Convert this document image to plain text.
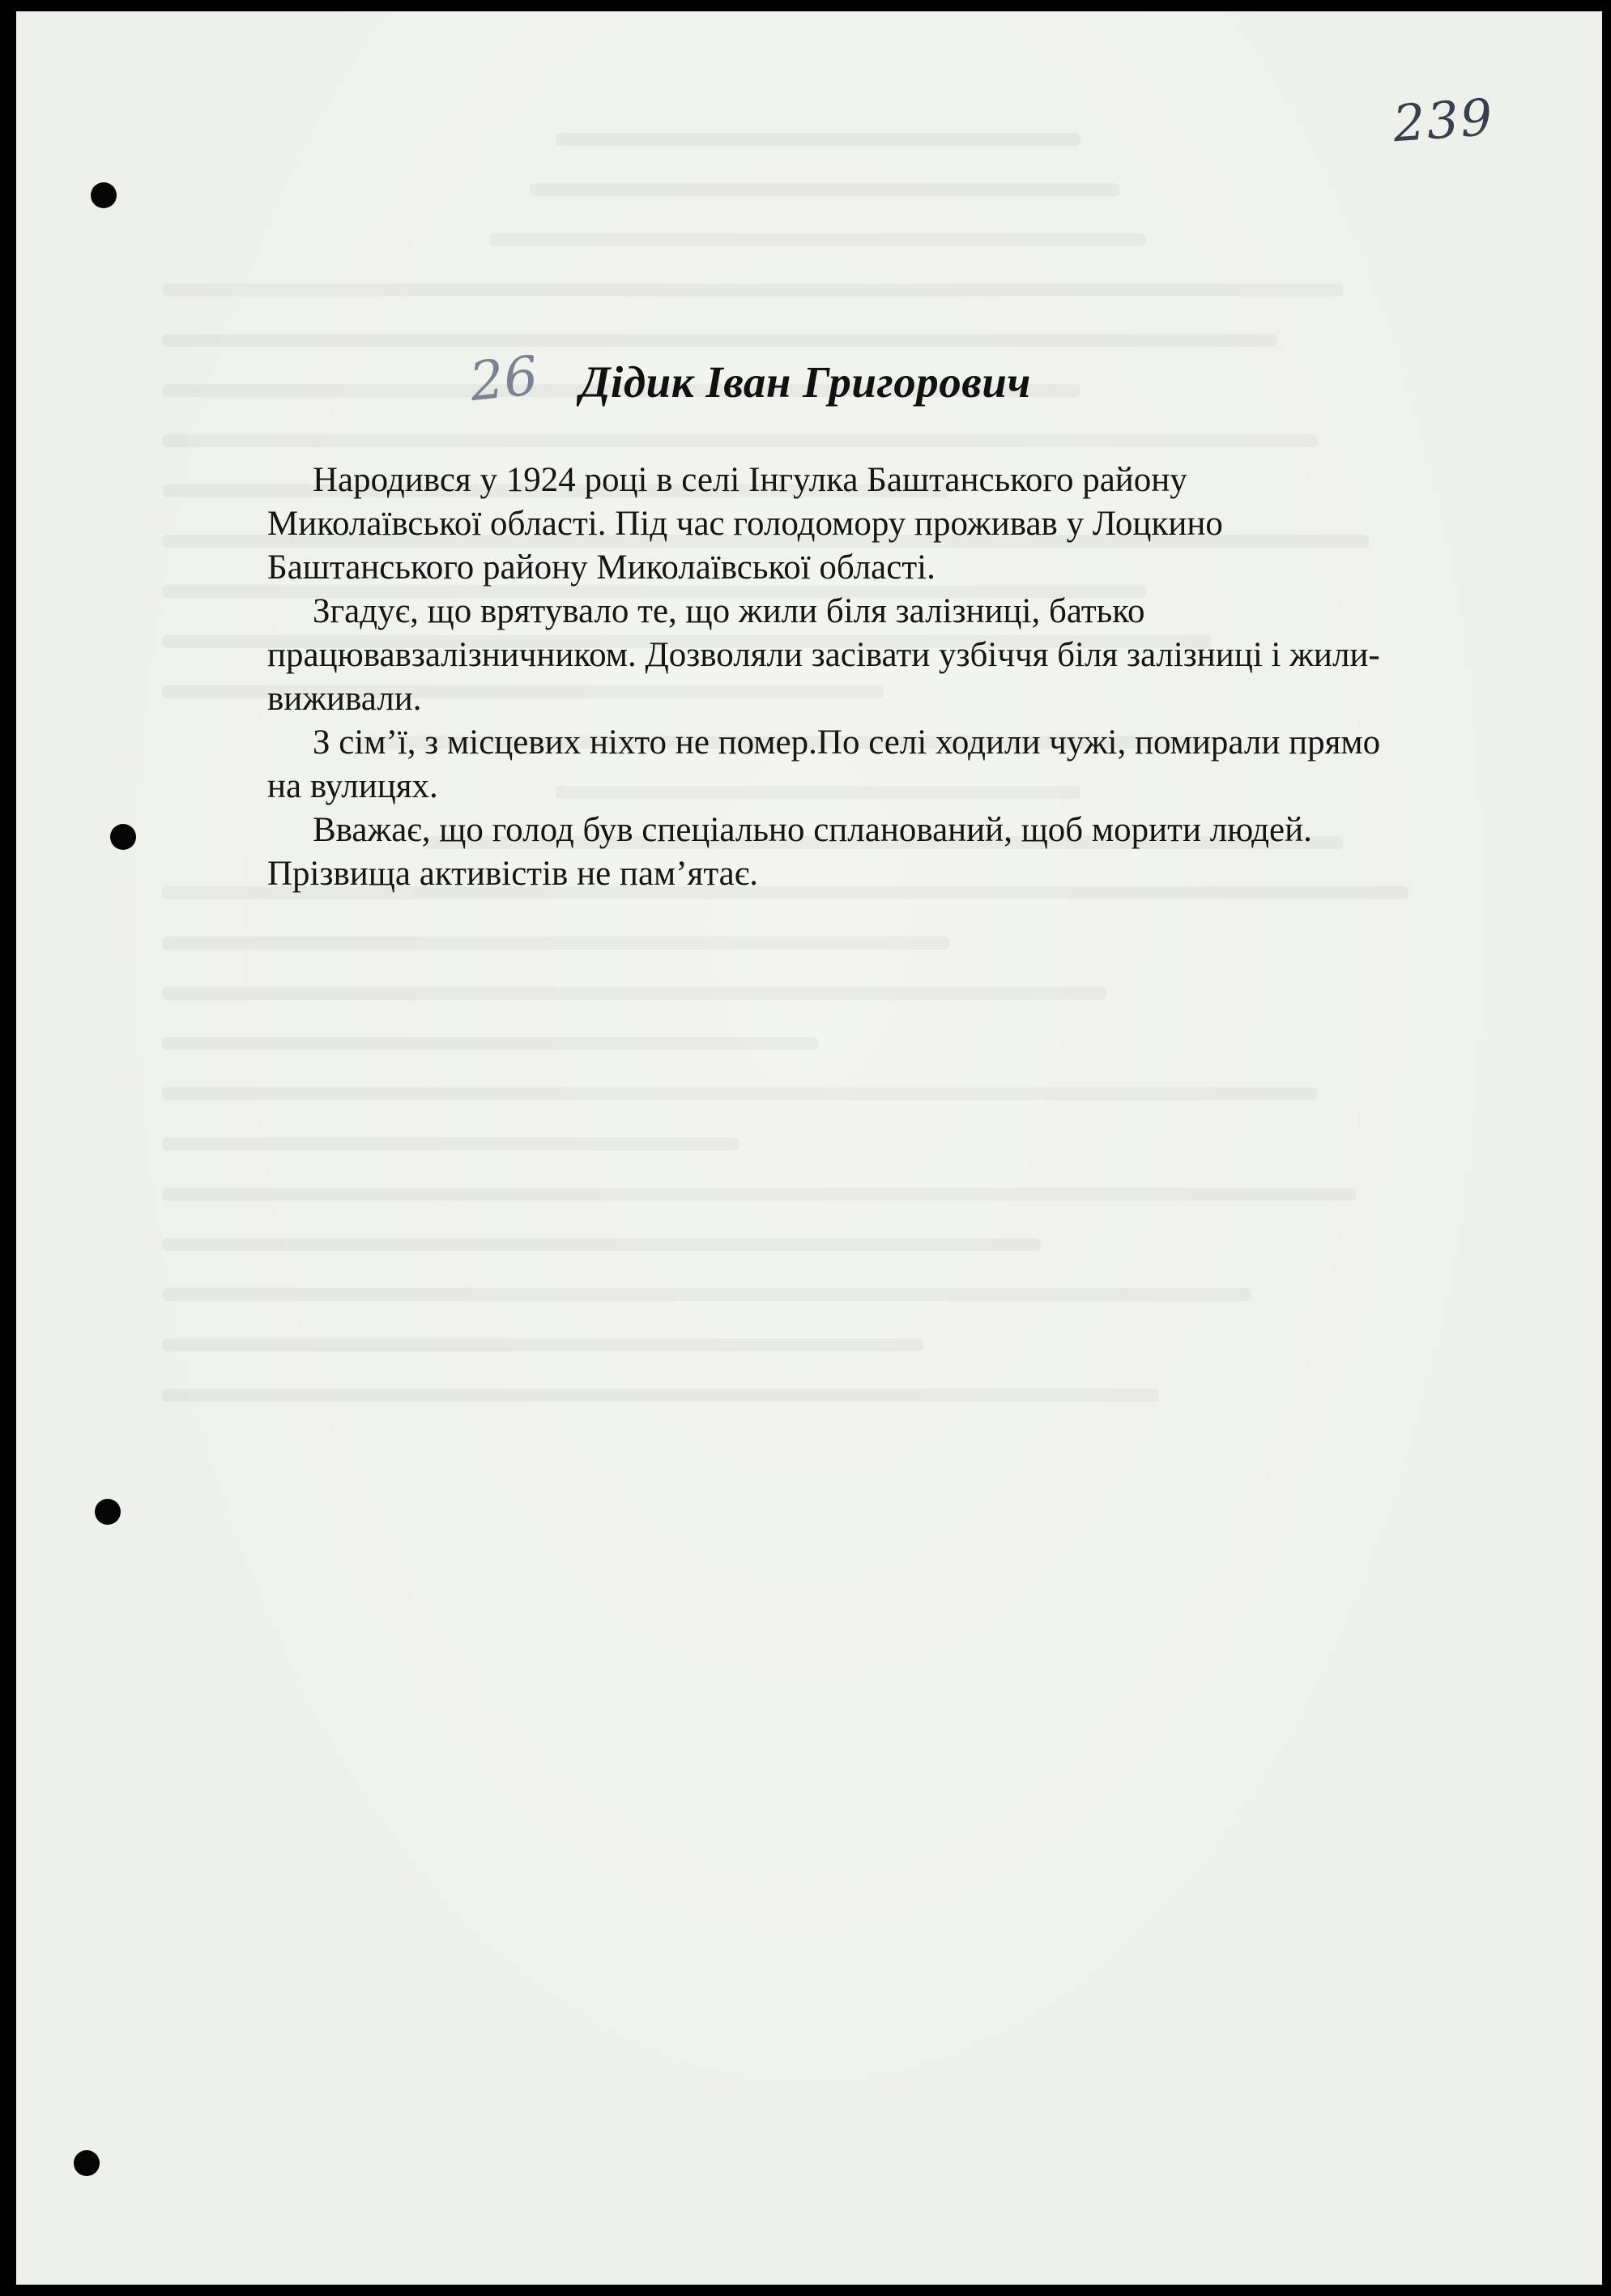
239
26 Дідик Іван Григорович

Народився у 1924 році в селі Інгулка Баштанського району Миколаївської області. Під час голодомору проживав у Лоцкино Баштанського району Миколаївської області.

Згадує, що врятувало те, що жили біля залізниці, батько працювавзалізничником. Дозволяли засівати узбіччя біля залізниці і жили-виживали.

З сім’ї, з місцевих ніхто не помер.По селі ходили чужі, помирали прямо на вулицях.

Вважає, що голод був спеціально спланований, щоб морити людей. Прізвища активістів не пам’ятає.
